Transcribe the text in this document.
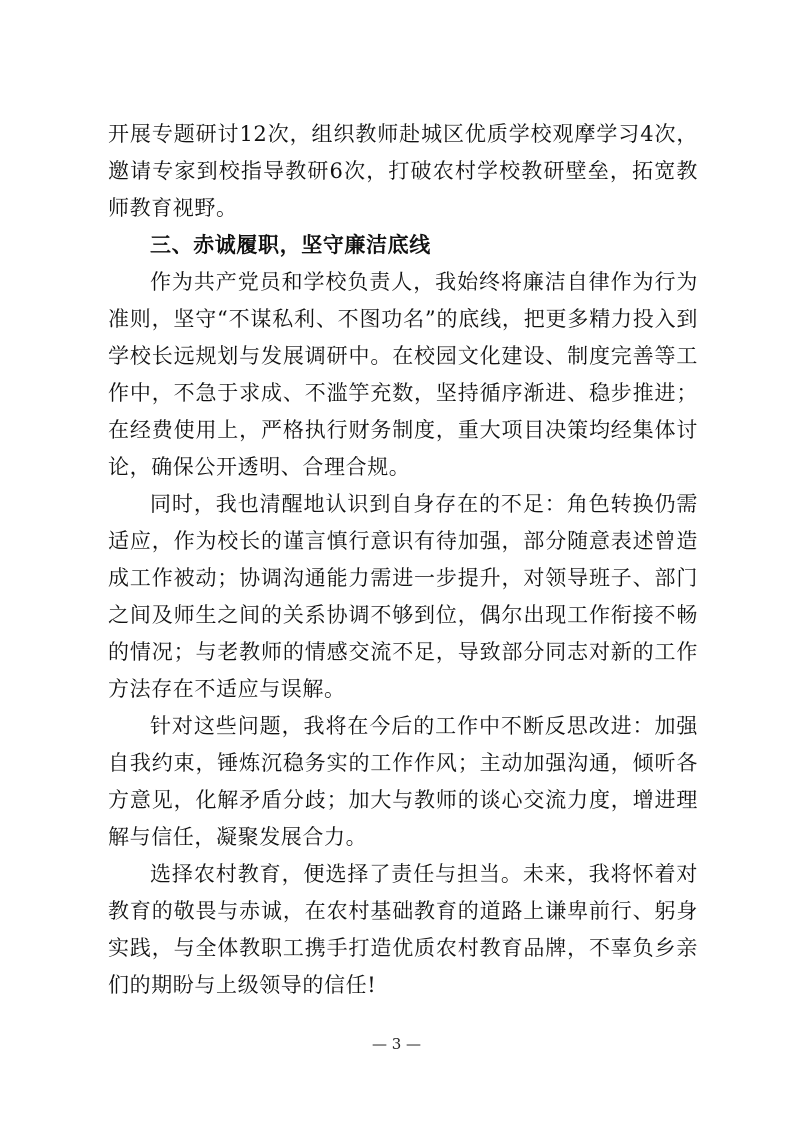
开展专题研讨12次，组织教师赴城区优质学校观摩学习4次，邀请专家到校指导教研6次，打破农村学校教研壁垒，拓宽教师教育视野。

三、赤诚履职，坚守廉洁底线

作为共产党员和学校负责人，我始终将廉洁自律作为行为准则，坚守“不谋私利、不图功名”的底线，把更多精力投入到学校长远规划与发展调研中。在校园文化建设、制度完善等工作中，不急于求成、不滥竽充数，坚持循序渐进、稳步推进；在经费使用上，严格执行财务制度，重大项目决策均经集体讨论，确保公开透明、合理合规。

同时，我也清醒地认识到自身存在的不足：角色转换仍需适应，作为校长的谨言慎行意识有待加强，部分随意表述曾造成工作被动；协调沟通能力需进一步提升，对领导班子、部门之间及师生之间的关系协调不够到位，偶尔出现工作衔接不畅的情况；与老教师的情感交流不足，导致部分同志对新的工作方法存在不适应与误解。

针对这些问题，我将在今后的工作中不断反思改进：加强自我约束，锤炼沉稳务实的工作作风；主动加强沟通，倾听各方意见，化解矛盾分歧；加大与教师的谈心交流力度，增进理解与信任，凝聚发展合力。

选择农村教育，便选择了责任与担当。未来，我将怀着对教育的敬畏与赤诚，在农村基础教育的道路上谦卑前行、躬身实践，与全体教职工携手打造优质农村教育品牌，不辜负乡亲们的期盼与上级领导的信任!

— 3 —
